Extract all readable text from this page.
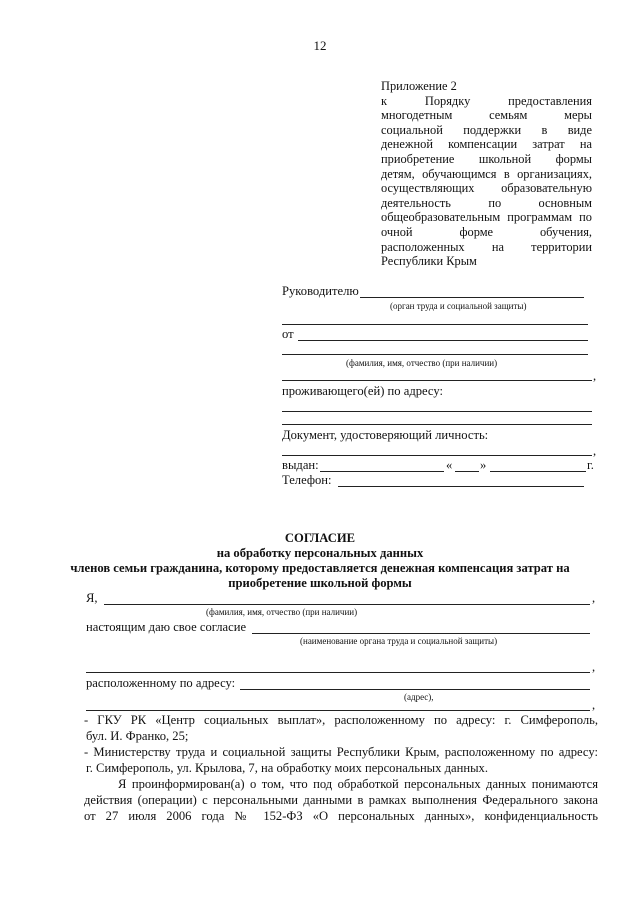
12
Приложение 2
к Порядку предоставления
многодетным семьям меры
социальной поддержки в виде
денежной компенсации затрат на
приобретение школьной формы
детям, обучающимся в организациях,
осуществляющих образовательную
деятельность по основным
общеобразовательным программам по
очной форме обучения,
расположенных на территории
Республики Крым
Руководителю
(орган труда и социальной защиты)
от
(фамилия, имя, отчество (при наличии)
,
проживающего(ей) по адресу:
Документ, удостоверяющий личность:
,
выдан:	« »	г.
Телефон:
СОГЛАСИЕ
на обработку персональных данных
членов семьи гражданина, которому предоставляется денежная компенсация затрат на
приобретение школьной формы
Я,	,
(фамилия, имя, отчество (при наличии)
настоящим даю свое согласие
(наименование органа труда и социальной защиты)
,
расположенному по адресу:
(адрес),
,
- ГКУ РК «Центр социальных выплат», расположенному по адресу: г. Симферополь,
бул. И. Франко, 25;
- Министерству труда и социальной защиты Республики Крым, расположенному по адресу:
г. Симферополь, ул. Крылова, 7, на обработку моих персональных данных.
Я проинформирован(а) о том, что под обработкой персональных данных понимаются
действия (операции) с персональными данными в рамках выполнения Федерального закона
от 27 июля 2006 года № 152-ФЗ «О персональных данных», конфиденциальность
